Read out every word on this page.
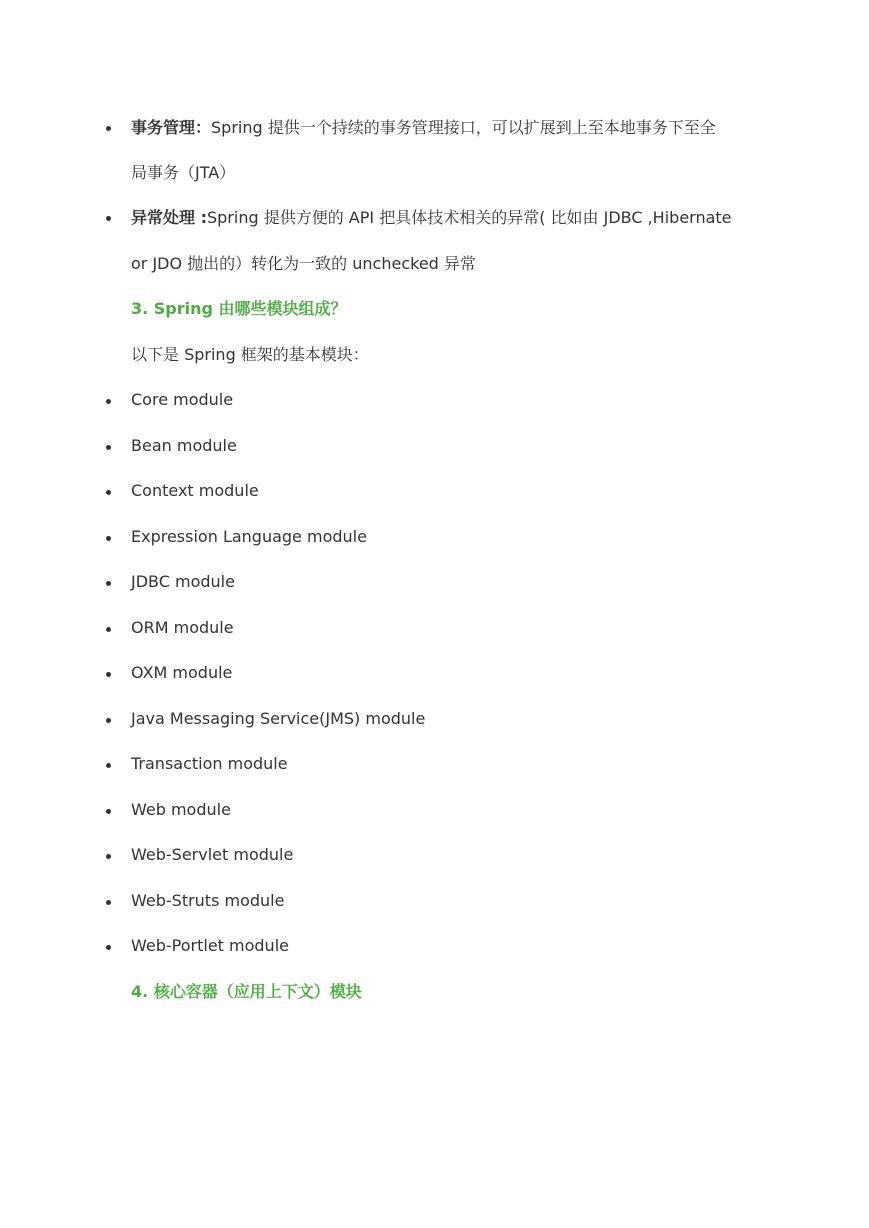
事务管理：Spring 提供一个持续的事务管理接口，可以扩展到上至本地事务下至全
局事务（JTA）
异常处理 :Spring 提供方便的 API 把具体技术相关的异常( 比如由 JDBC ,Hibernate
or JDO 抛出的）转化为一致的 unchecked 异常
3. Spring 由哪些模块组成？
以下是 Spring 框架的基本模块：
Core module
Bean module
Context module
Expression Language module
JDBC module
ORM module
OXM module
Java Messaging Service(JMS) module
Transaction module
Web module
Web-Servlet module
Web-Struts module
Web-Portlet module
4. 核心容器（应用上下文）模块
